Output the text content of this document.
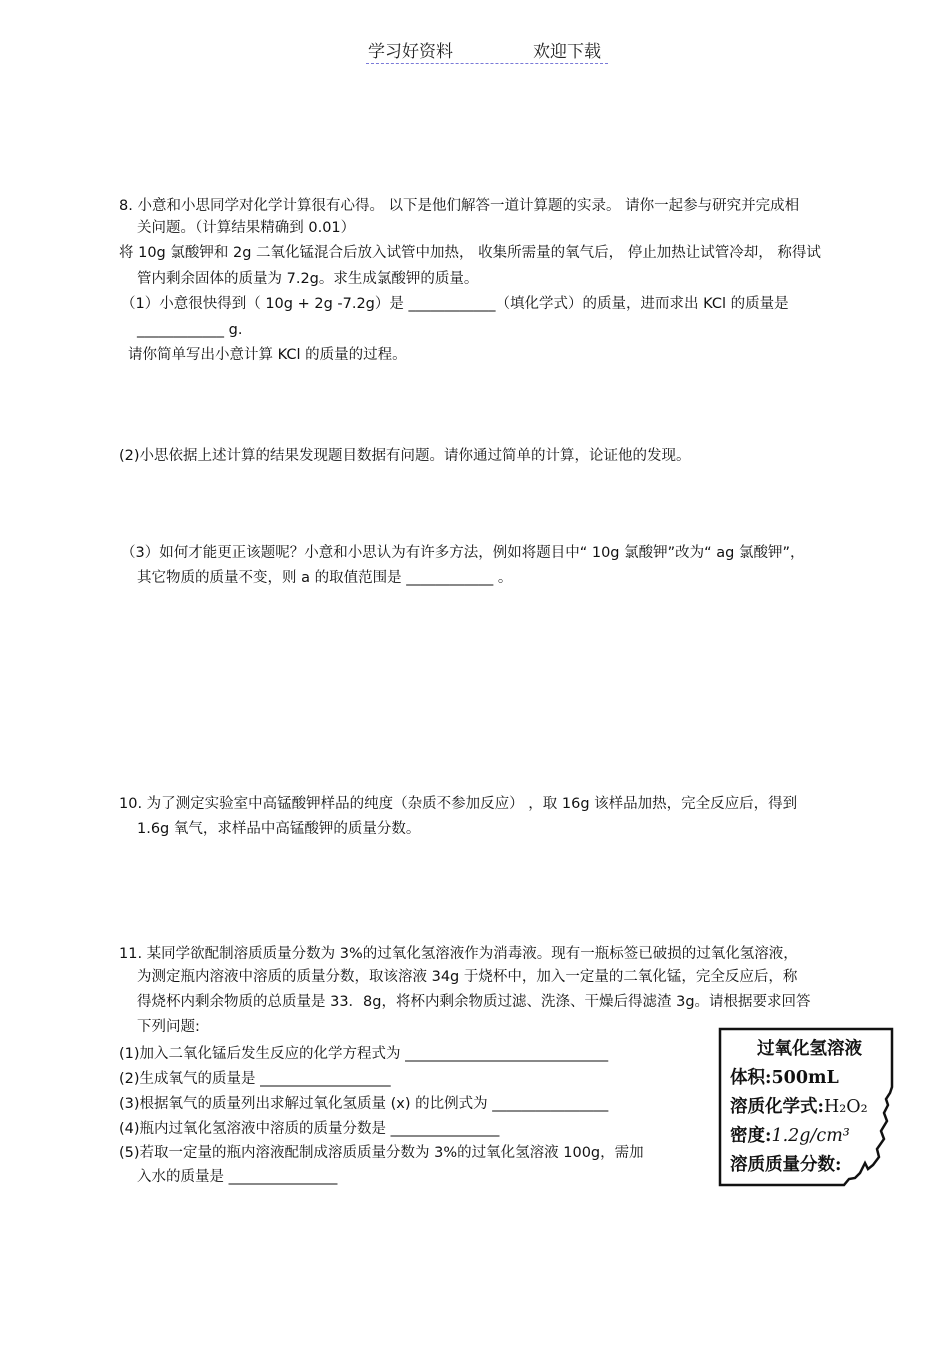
学习好资料	欢迎下载
8. 小意和小思同学对化学计算很有心得。 以下是他们解答一道计算题的实录。 请你一起参与研究并完成相
关问题。（计算结果精确到 0.01）
将 10g 氯酸钾和 2g 二氧化锰混合后放入试管中加热， 收集所需量的氧气后， 停止加热让试管冷却， 称得试
管内剩余固体的质量为 7.2g。求生成氯酸钾的质量。
（1）小意很快得到（ 10g + 2g -7.2g）是 ____________（填化学式）的质量，进而求出 KCl 的质量是
____________ g.
请你简单写出小意计算 KCl 的质量的过程。
(2)小思依据上述计算的结果发现题目数据有问题。请你通过简单的计算，论证他的发现。
（3）如何才能更正该题呢？小意和小思认为有许多方法，例如将题目中“ 10g 氯酸钾”改为“ ag 氯酸钾”，
其它物质的质量不变，则 a 的取值范围是 ____________ 。
10. 为了测定实验室中高锰酸钾样品的纯度（杂质不参加反应） ，取 16g 该样品加热，完全反应后，得到
1.6g 氧气，求样品中高锰酸钾的质量分数。
11. 某同学欲配制溶质质量分数为 3%的过氧化氢溶液作为消毒液。现有一瓶标签已破损的过氧化氢溶液，
为测定瓶内溶液中溶质的质量分数，取该溶液 34g 于烧杯中，加入一定量的二氧化锰，完全反应后，称
得烧杯内剩余物质的总质量是 33．8g，将杯内剩余物质过滤、洗涤、干燥后得滤渣 3g。请根据要求回答
下列问题:
(1)加入二氧化锰后发生反应的化学方程式为 ____________________________
(2)生成氧气的质量是 __________________
(3)根据氧气的质量列出求解过氧化氢质量 (x) 的比例式为 ________________
(4)瓶内过氧化氢溶液中溶质的质量分数是 _______________
(5)若取一定量的瓶内溶液配制成溶质质量分数为 3%的过氧化氢溶液 100g，需加
入水的质量是 _______________
过氧化氢溶液
体积:500mL
溶质化学式:H₂O₂
密度:1.2g/cm³
溶质质量分数:
